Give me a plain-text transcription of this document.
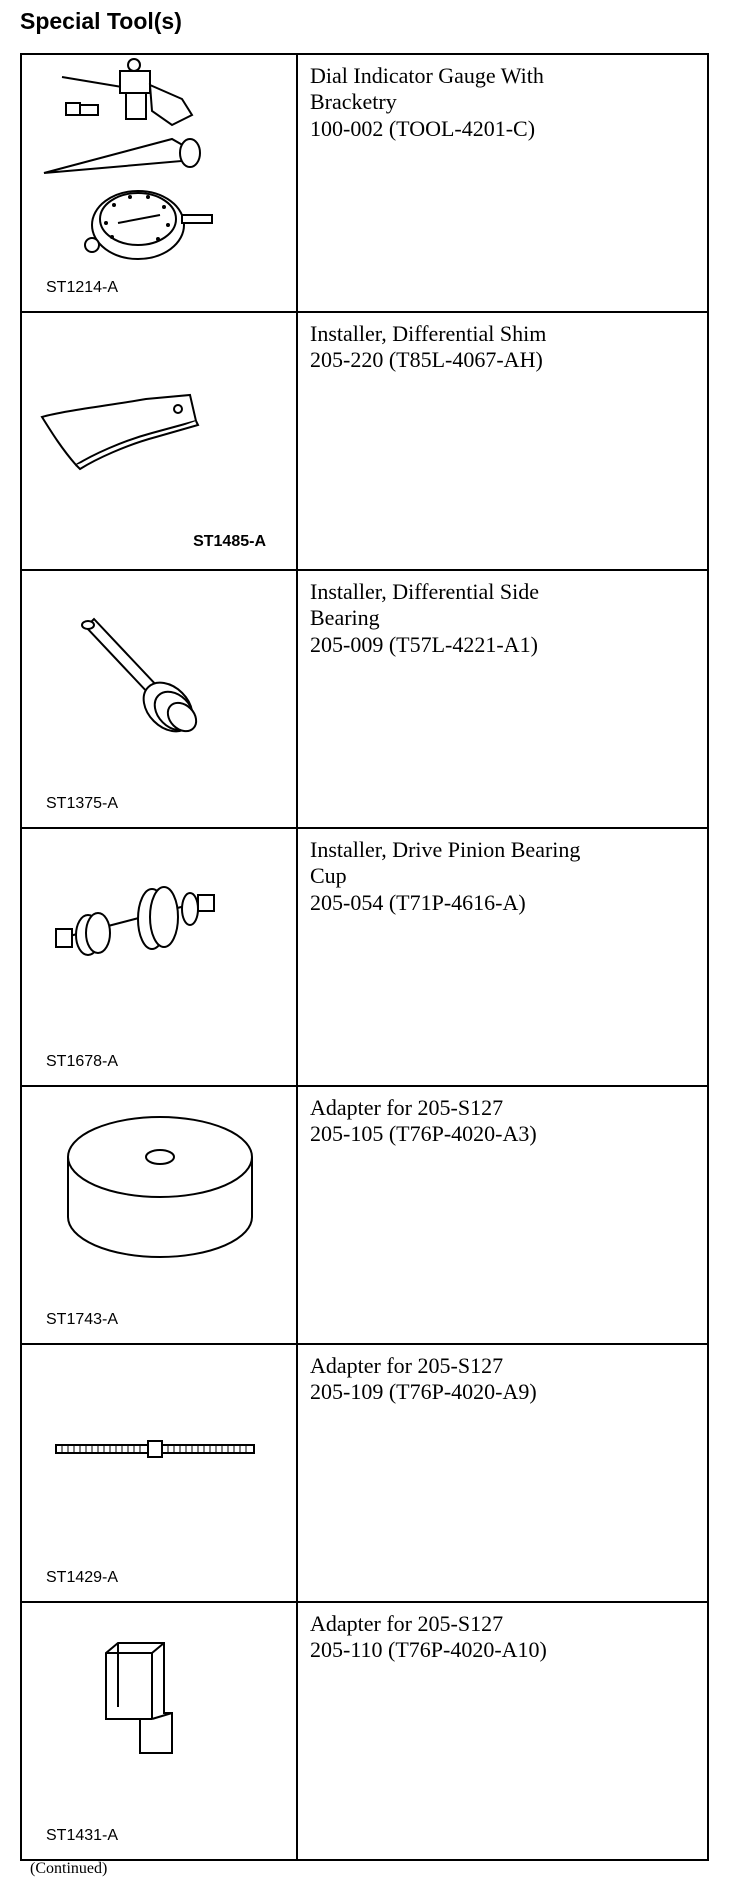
Special Tool(s)
ST1214-A	Dial Indicator Gauge With
Bracketry
100-002 (TOOL-4201-C)

ST1485-A	Installer, Differential Shim
205-220 (T85L-4067-AH)

ST1375-A	Installer, Differential Side
Bearing
205-009 (T57L-4221-A1)

ST1678-A	Installer, Drive Pinion Bearing
Cup
205-054 (T71P-4616-A)

ST1743-A	Adapter for 205-S127
205-105 (T76P-4020-A3)

ST1429-A	Adapter for 205-S127
205-109 (T76P-4020-A9)

ST1431-A	Adapter for 205-S127
205-110 (T76P-4020-A10)
(Continued)
